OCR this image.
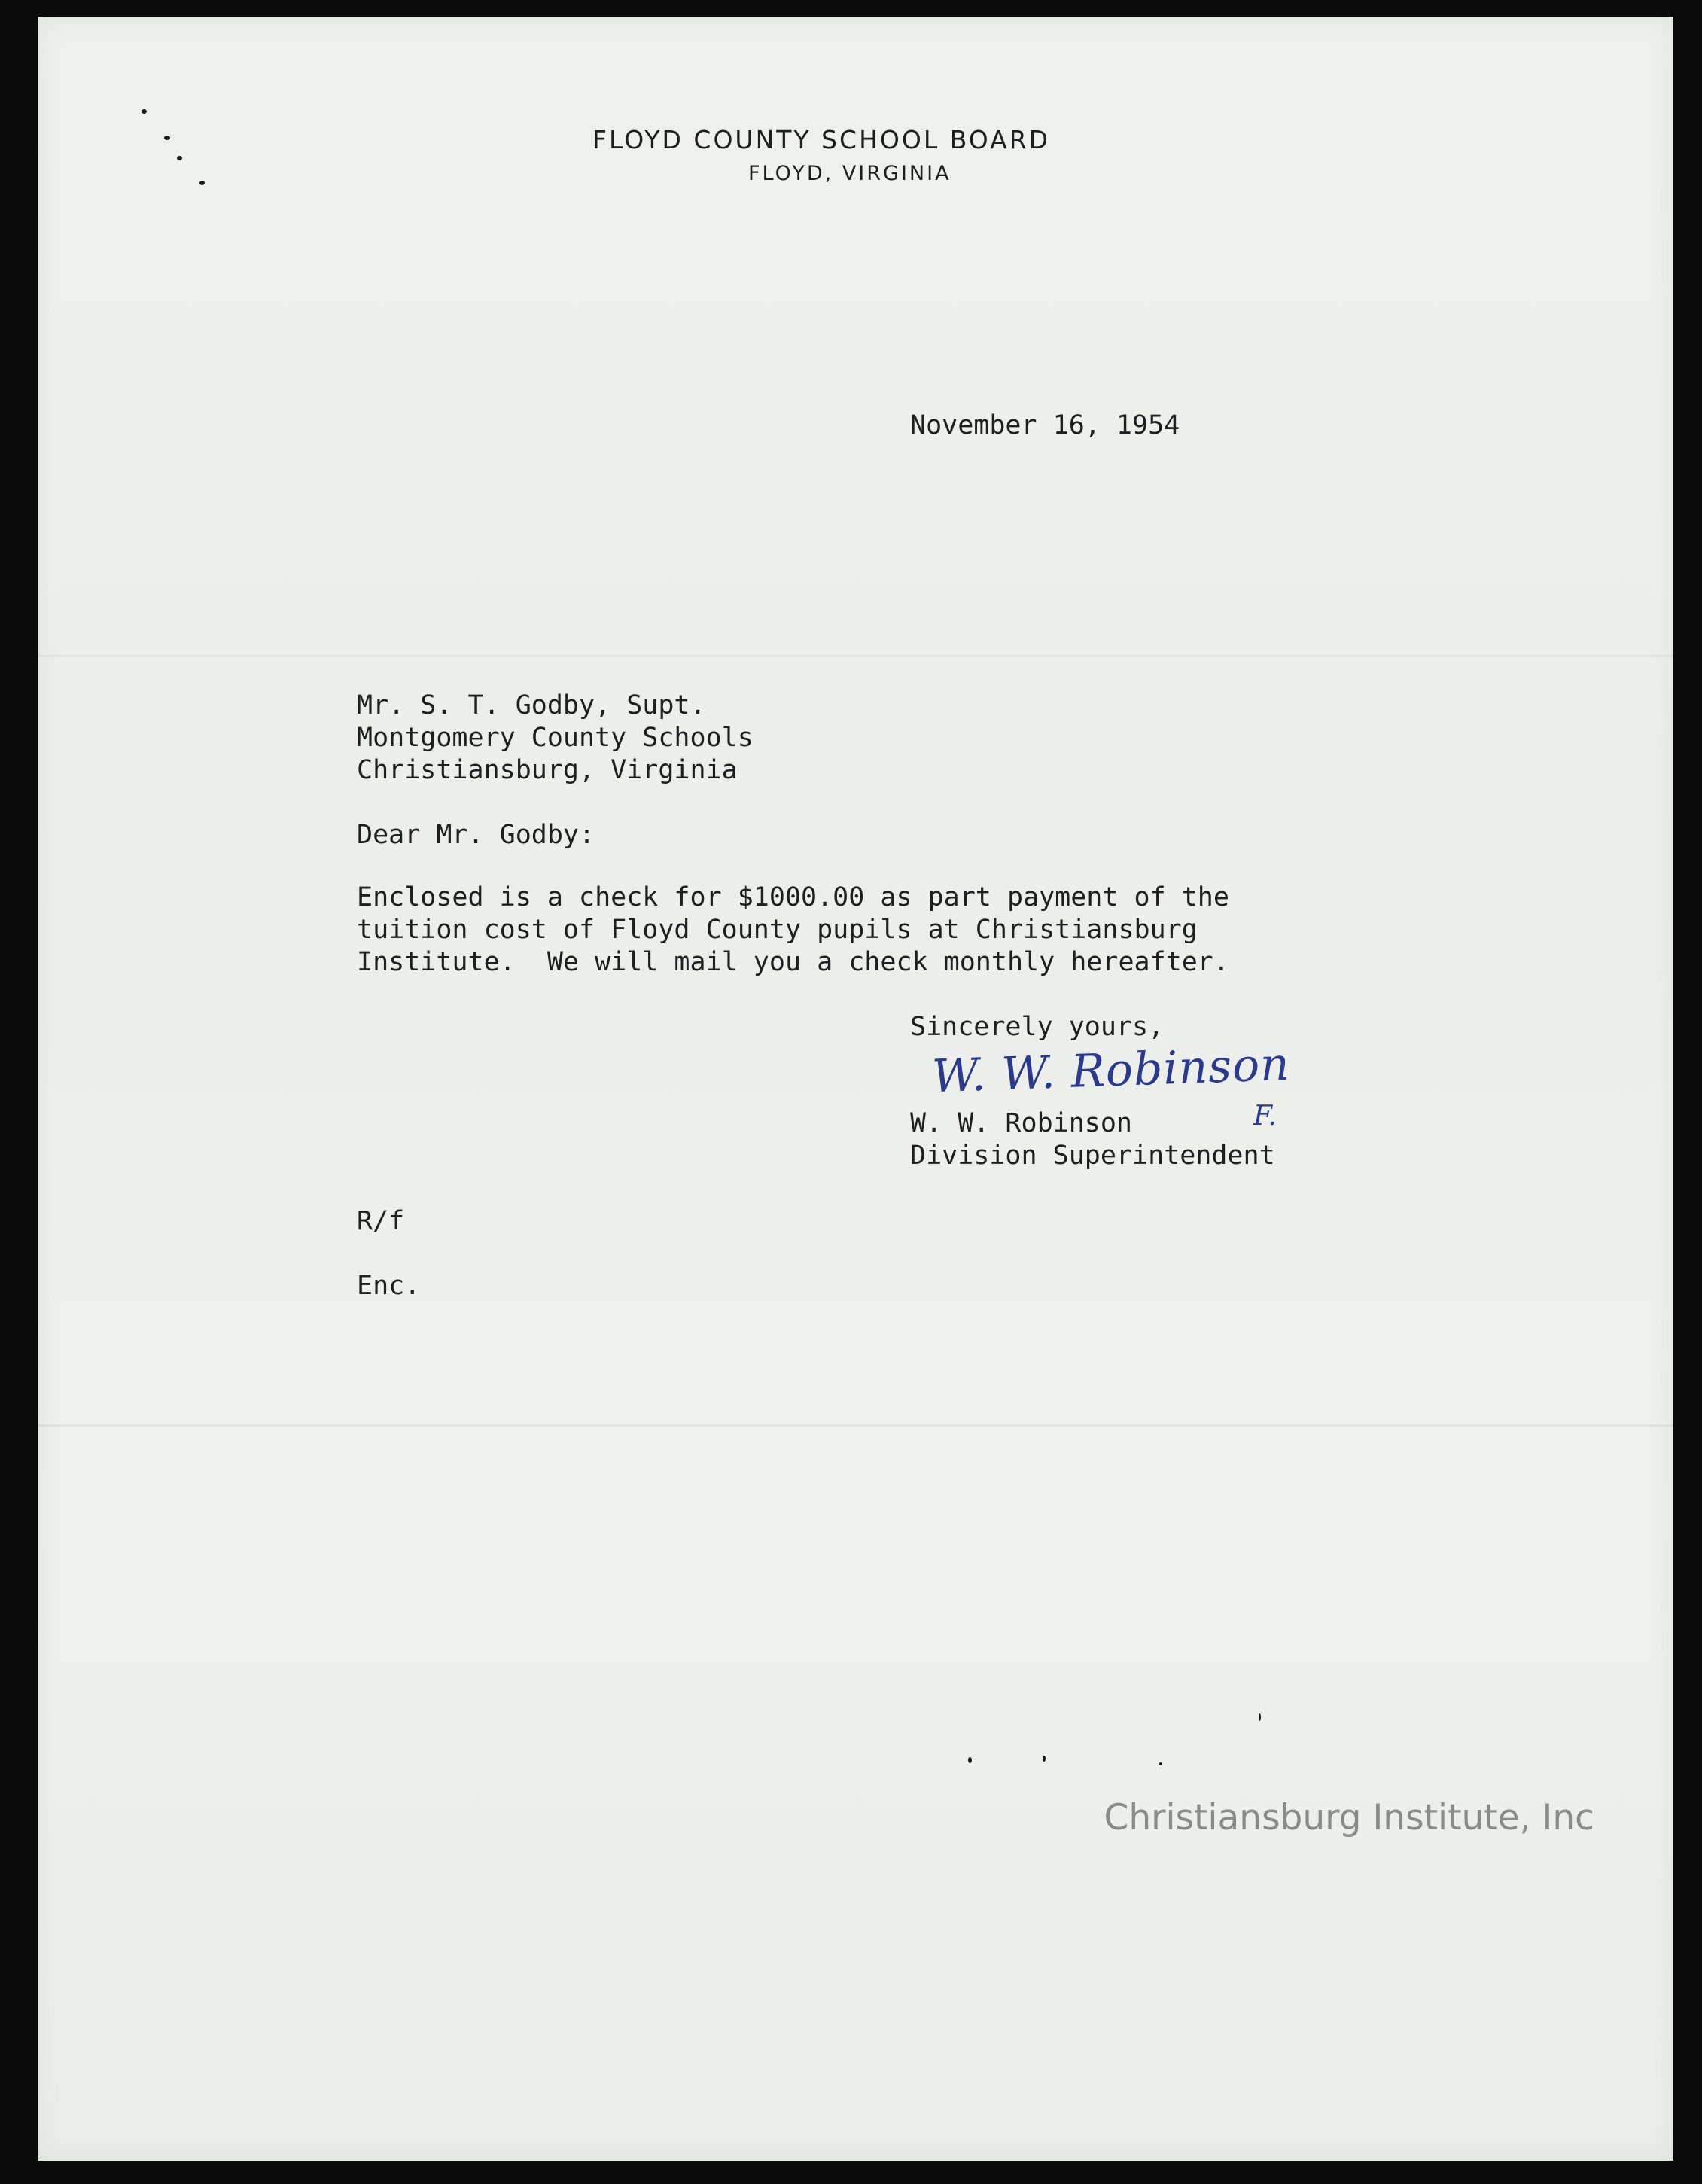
FLOYD COUNTY SCHOOL BOARD
FLOYD, VIRGINIA
November 16, 1954
Mr. S. T. Godby, Supt.
Montgomery County Schools
Christiansburg, Virginia
Dear Mr. Godby:
Enclosed is a check for $1000.00 as part payment of the
tuition cost of Floyd County pupils at Christiansburg
Institute.  We will mail you a check monthly hereafter.
Sincerely yours,
W. W. Robinson
F.
W. W. Robinson
Division Superintendent
R/f
Enc.
Christiansburg Institute, Inc
